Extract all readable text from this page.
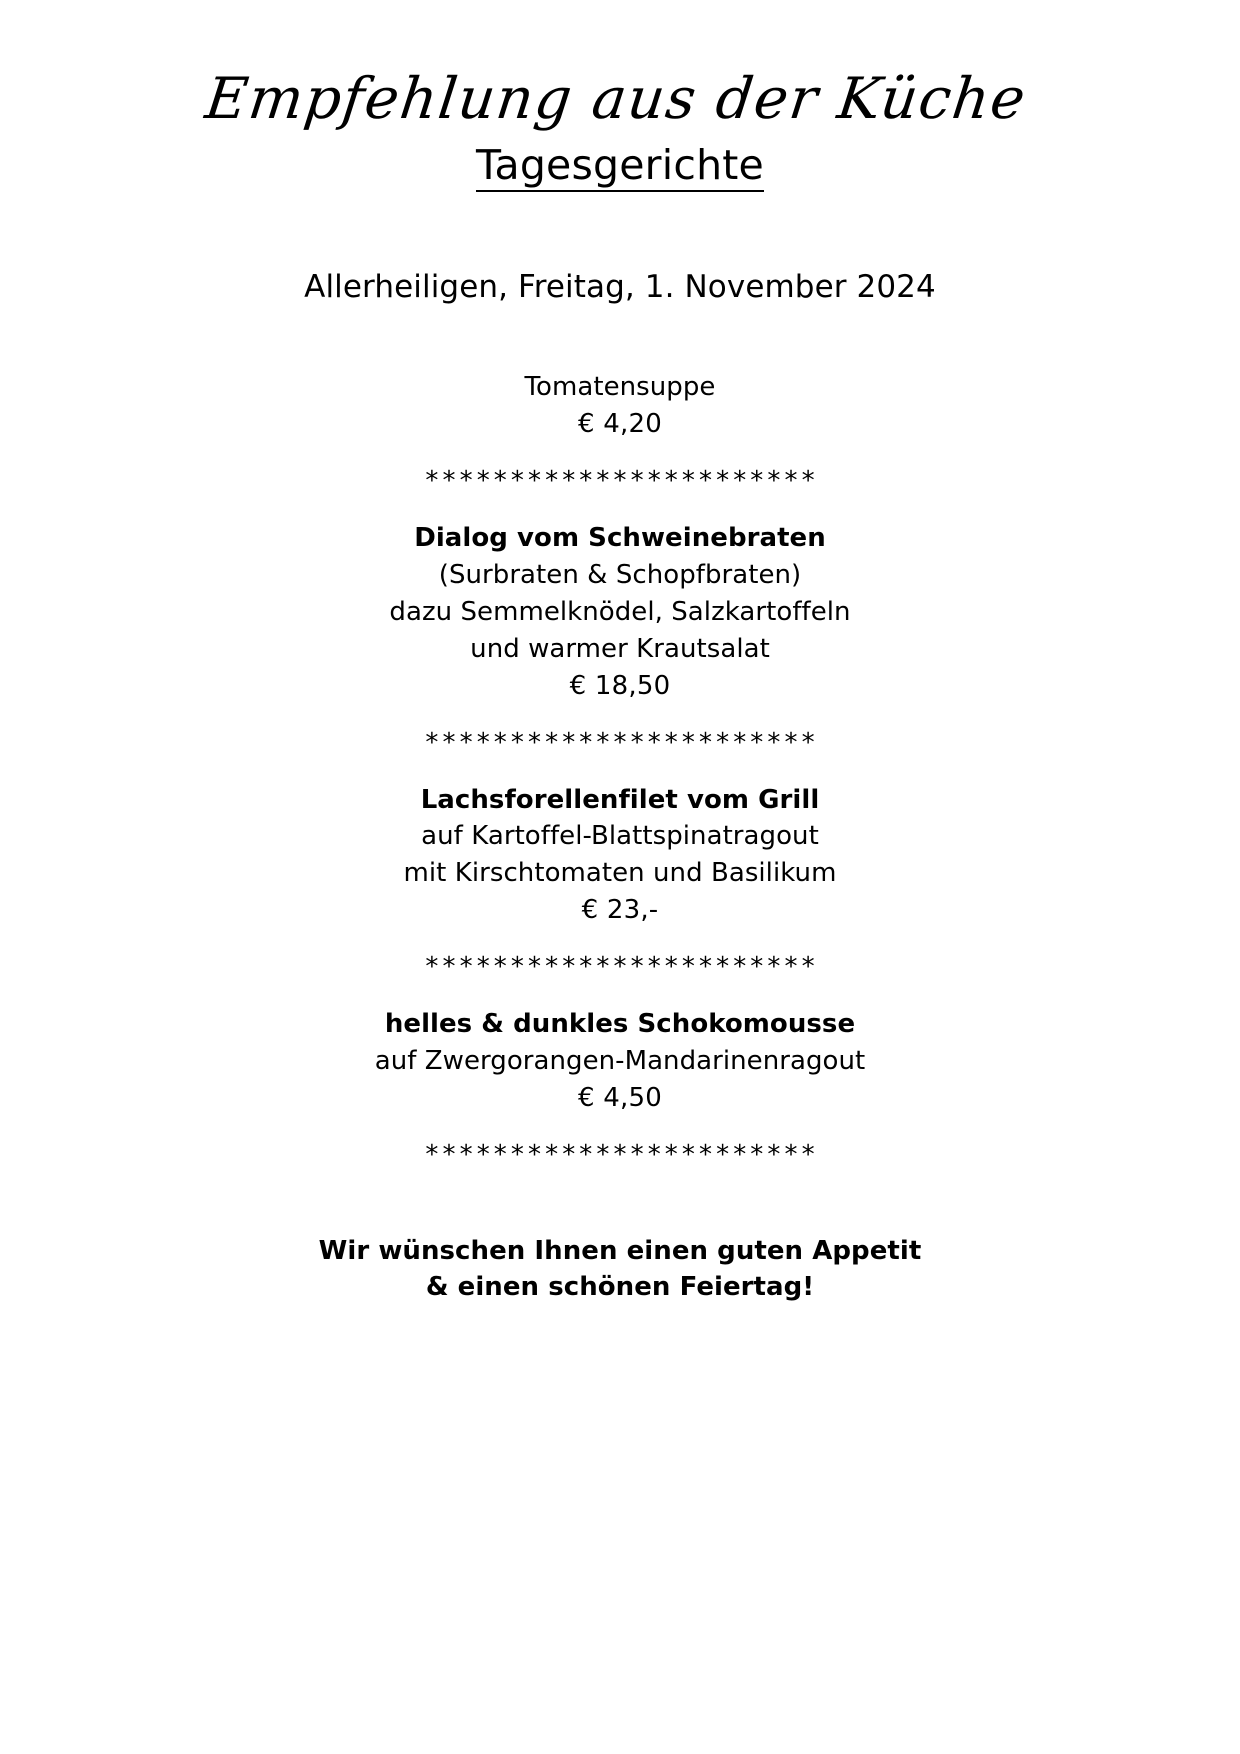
Empfehlung aus der Küche
Tagesgerichte

Allerheiligen, Freitag, 1. November 2024

Tomatensuppe

€ 4,20

***********************

Dialog vom Schweinebraten

(Surbraten & Schopfbraten)

dazu Semmelknödel, Salzkartoffeln

und warmer Krautsalat

€ 18,50

***********************

Lachsforellenfilet vom Grill

auf Kartoffel-Blattspinatragout

mit Kirschtomaten und Basilikum

€ 23,-

***********************

helles & dunkles Schokomousse

auf Zwergorangen-Mandarinenragout

€ 4,50

***********************

Wir wünschen Ihnen einen guten Appetit

& einen schönen Feiertag!
